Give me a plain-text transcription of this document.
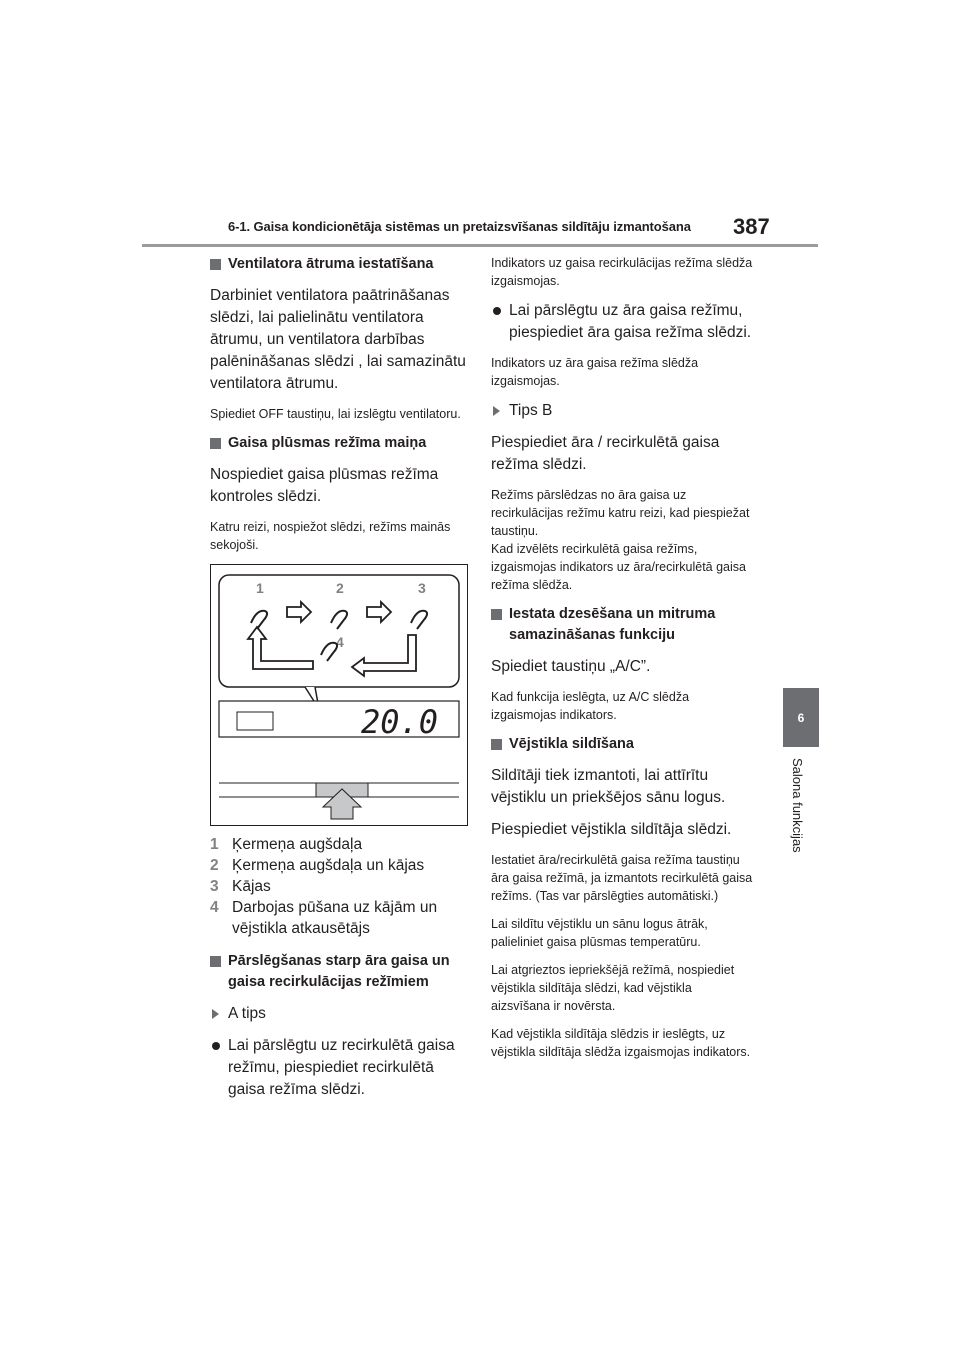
6-1. Gaisa kondicionētāja sistēmas un pretaizsvīšanas sildītāju izmantošana 387
6
Salona funkcijas
Ventilatora ātruma iestatīšana
Darbiniet ventilatora paātrināšanas slēdzi, lai palielinātu ventilatora ātrumu, un ventilatora darbības palēnināšanas slēdzi , lai samazinātu ventilatora ātrumu.
Spiediet OFF taustiņu, lai izslēgtu ventilatoru.
Gaisa plūsmas režīma maiņa
Nospiediet gaisa plūsmas režīma kontroles slēdzi.
Katru reizi, nospiežot slēdzi, režīms mainās sekojoši.
1	2	3
4
20.0
1 Ķermeņa augšdaļa
2 Ķermeņa augšdaļa un kājas
3 Kājas
4 Darbojas pūšana uz kājām un vējstikla atkausētājs
Pārslēgšanas starp āra gaisa un gaisa recirkulācijas režīmiem
A tips
Lai pārslēgtu uz recirkulētā gaisa režīmu, piespiediet recirkulētā gaisa režīma slēdzi.
Indikators uz gaisa recirkulācijas režīma slēdža izgaismojas.
Lai pārslēgtu uz āra gaisa režīmu, piespiediet āra gaisa režīma slēdzi.
Indikators uz āra gaisa režīma slēdža izgaismojas.
Tips B
Piespiediet āra / recirkulētā gaisa režīma slēdzi.
Režīms pārslēdzas no āra gaisa uz recirkulācijas režīmu katru reizi, kad piespiežat taustiņu.
Kad izvēlēts recirkulētā gaisa režīms, izgaismojas indikators uz āra/recirkulētā gaisa režīma slēdža.
Iestata dzesēšana un mitruma samazināšanas funkciju
Spiediet taustiņu „A/C”.
Kad funkcija ieslēgta, uz A/C slēdža izgaismojas indikators.
Vējstikla sildīšana
Sildītāji tiek izmantoti, lai attīrītu vējstiklu un priekšējos sānu logus.
Piespiediet vējstikla sildītāja slēdzi.
Iestatiet āra/recirkulētā gaisa režīma taustiņu āra gaisa režīmā, ja izmantots recirkulētā gaisa režīms. (Tas var pārslēgties automātiski.)
Lai sildītu vējstiklu un sānu logus ātrāk, palieliniet gaisa plūsmas temperatūru.
Lai atgrieztos iepriekšējā režīmā, nospiediet vējstikla sildītāja slēdzi, kad vējstikla aizsvīšana ir novērsta.
Kad vējstikla sildītāja slēdzis ir ieslēgts, uz vējstikla sildītāja slēdža izgaismojas indikators.
